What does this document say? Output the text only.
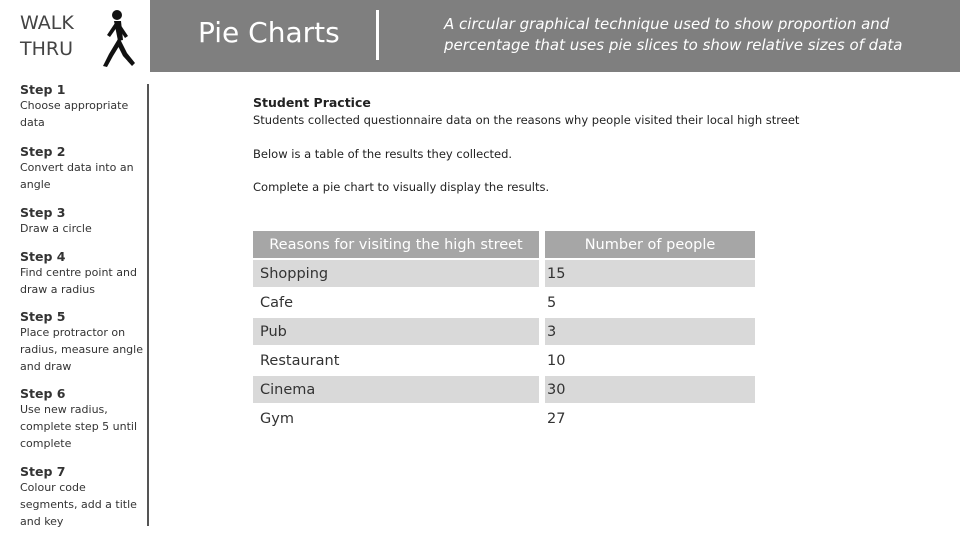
WALK THRU	Pie Charts	A circular graphical technique used to show proportion and percentage that uses pie slices to show relative sizes of data
Step 1
Choose appropriate data
Step 2
Convert data into an angle
Step 3
Draw a circle
Step 4
Find centre point and draw a radius
Step 5
Place protractor on radius, measure angle and draw
Step 6
Use new radius, complete step 5 until complete
Step 7
Colour code segments, add a title and key
Student Practice
Students collected questionnaire data on the reasons why people visited their local high street
Below is a table of the results they collected.
Complete a pie chart to visually display the results.
Reasons for visiting the high street	Number of people
Shopping	15
Cafe	5
Pub	3
Restaurant	10
Cinema	30
Gym	27
